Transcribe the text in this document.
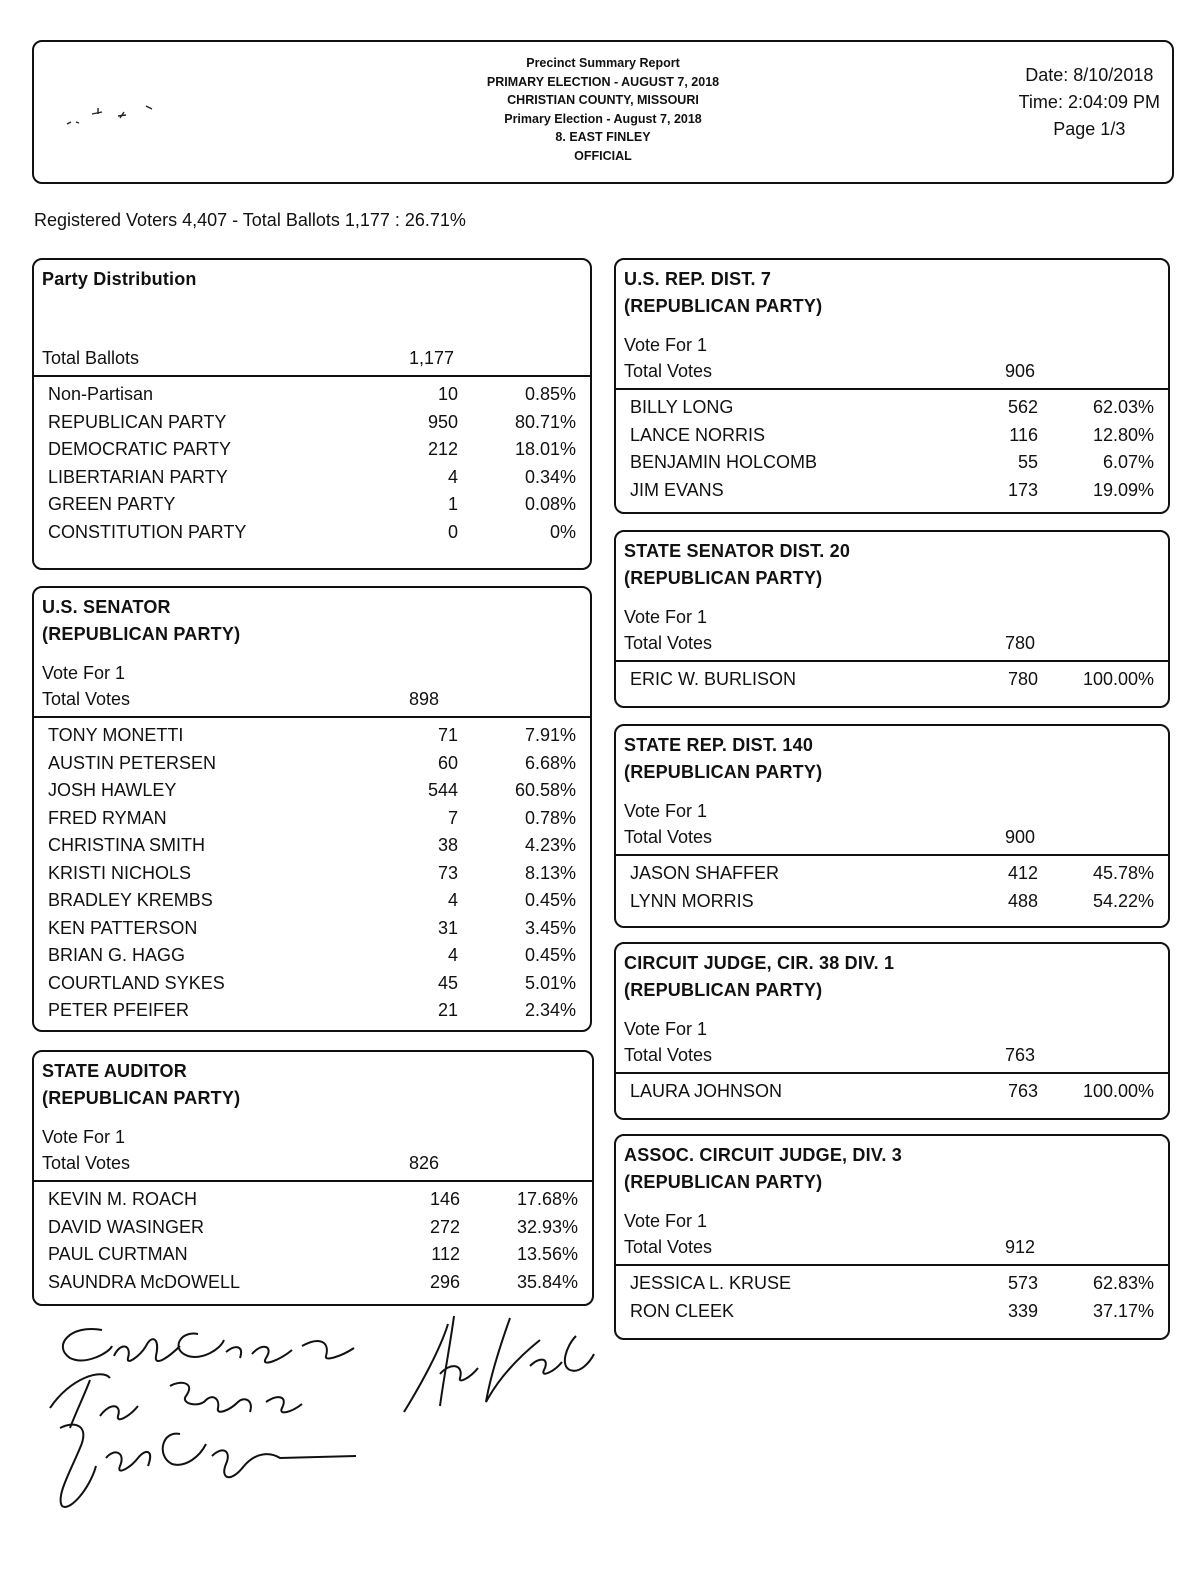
Precinct Summary Report
PRIMARY ELECTION - AUGUST 7, 2018
CHRISTIAN COUNTY, MISSOURI
Primary Election - August 7, 2018
8. EAST FINLEY
OFFICIAL
Date: 8/10/2018
Time: 2:04:09 PM
Page 1/3
Registered Voters 4,407 - Total Ballots 1,177 : 26.71%
Party Distribution
Total Ballots	1,177
Non-Partisan	10	0.85%
REPUBLICAN PARTY	950	80.71%
DEMOCRATIC PARTY	212	18.01%
LIBERTARIAN PARTY	4	0.34%
GREEN PARTY	1	0.08%
CONSTITUTION PARTY	0	0%
U.S. SENATOR
(REPUBLICAN PARTY)
Vote For 1
Total Votes	898
TONY MONETTI	71	7.91%
AUSTIN PETERSEN	60	6.68%
JOSH HAWLEY	544	60.58%
FRED RYMAN	7	0.78%
CHRISTINA SMITH	38	4.23%
KRISTI NICHOLS	73	8.13%
BRADLEY KREMBS	4	0.45%
KEN PATTERSON	31	3.45%
BRIAN G. HAGG	4	0.45%
COURTLAND SYKES	45	5.01%
PETER PFEIFER	21	2.34%
STATE AUDITOR
(REPUBLICAN PARTY)
Vote For 1
Total Votes	826
KEVIN M. ROACH	146	17.68%
DAVID WASINGER	272	32.93%
PAUL CURTMAN	112	13.56%
SAUNDRA McDOWELL	296	35.84%
U.S. REP. DIST. 7
(REPUBLICAN PARTY)
Vote For 1
Total Votes	906
BILLY LONG	562	62.03%
LANCE NORRIS	116	12.80%
BENJAMIN HOLCOMB	55	6.07%
JIM EVANS	173	19.09%
STATE SENATOR DIST. 20
(REPUBLICAN PARTY)
Vote For 1
Total Votes	780
ERIC W. BURLISON	780 100.00%
STATE REP. DIST. 140
(REPUBLICAN PARTY)
Vote For 1
Total Votes	900
JASON SHAFFER	412	45.78%
LYNN MORRIS	488	54.22%
CIRCUIT JUDGE, CIR. 38 DIV. 1
(REPUBLICAN PARTY)
Vote For 1
Total Votes	763
LAURA JOHNSON	763 100.00%
ASSOC. CIRCUIT JUDGE, DIV. 3
(REPUBLICAN PARTY)
Vote For 1
Total Votes	912
JESSICA L. KRUSE	573	62.83%
RON CLEEK	339	37.17%
